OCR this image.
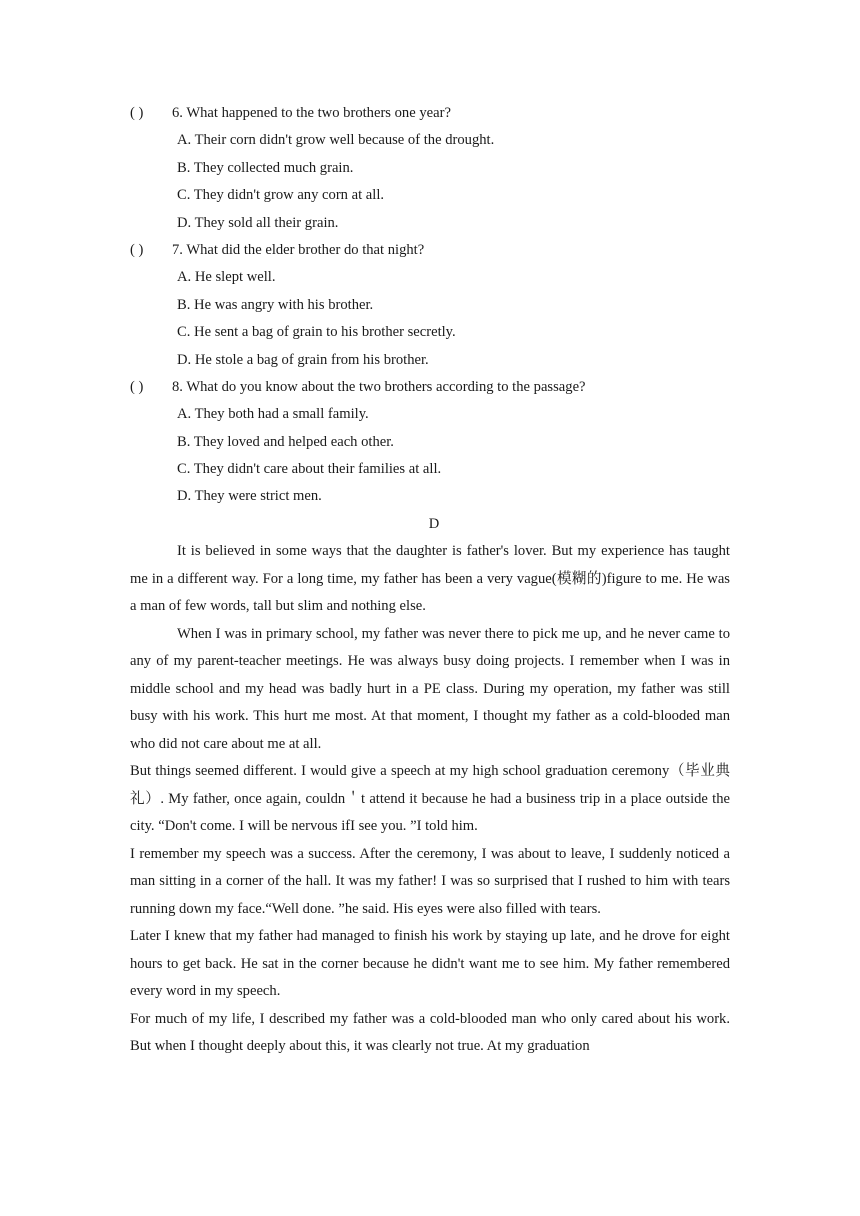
( ) 6. What happened to the two brothers one year?
A. Their corn didn't grow well because of the drought.
B. They collected much grain.
C. They didn't grow any corn at all.
D. They sold all their grain.
( ) 7. What did the elder brother do that night?
A. He slept well.
B. He was angry with his brother.
C. He sent a bag of grain to his brother secretly.
D. He stole a bag of grain from his brother.
( ) 8. What do you know about the two brothers according to the passage?
A. They both had a small family.
B. They loved and helped each other.
C. They didn't care about their families at all.
D. They were strict men.
D

It is believed in some ways that the daughter is father's lover. But my experience has taught me in a different way. For a long time, my father has been a very vague(模糊的)figure to me. He was a man of few words, tall but slim and nothing else.

When I was in primary school, my father was never there to pick me up, and he never came to any of my parent-teacher meetings. He was always busy doing projects. I remember when I was in middle school and my head was badly hurt in a PE class. During my operation, my father was still busy with his work. This hurt me most. At that moment, I thought my father as a cold-blooded man who did not care about me at all.

But things seemed different. I would give a speech at my high school graduation ceremony（毕业典礼）. My father, once again, couldn＇t attend it because he had a business trip in a place outside the city. “Don't come. I will be nervous ifI see you. ”I told him.

I remember my speech was a success. After the ceremony, I was about to leave, I suddenly noticed a man sitting in a corner of the hall. It was my father! I was so surprised that I rushed to him with tears running down my face.“Well done. ”he said. His eyes were also filled with tears.

Later I knew that my father had managed to finish his work by staying up late, and he drove for eight hours to get back. He sat in the corner because he didn't want me to see him. My father remembered every word in my speech.

For much of my life, I described my father was a cold-blooded man who only cared about his work. But when I thought deeply about this, it was clearly not true. At my graduation
